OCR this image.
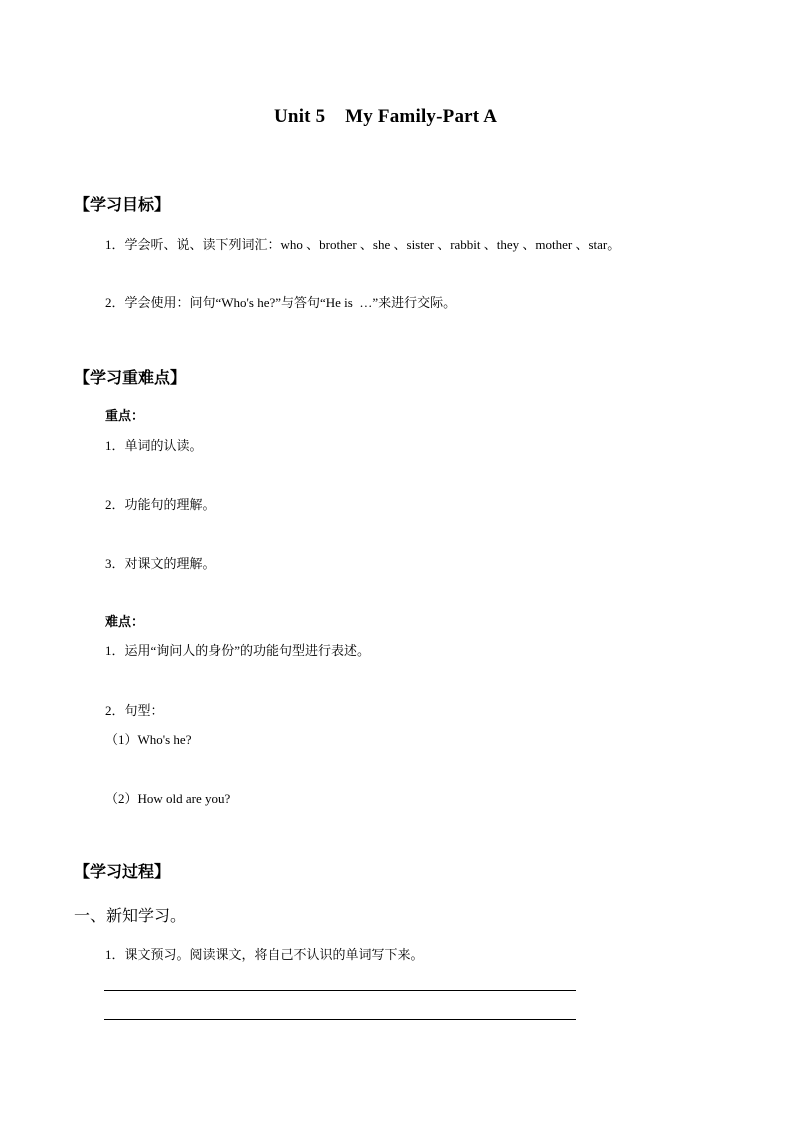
Unit 5    My Family-Part A
【学习目标】
1．学会听、说、读下列词汇：who 、brother 、she 、sister 、rabbit 、they 、mother 、star。
2．学会使用：问句“Who's he?”与答句“He is  …”来进行交际。
【学习重难点】
重点：
1．单词的认读。
2．功能句的理解。
3．对课文的理解。
难点：
1．运用“询问人的身份”的功能句型进行表述。
2．句型：
（1）Who's he?
（2）How old are you?
【学习过程】
一、新知学习。
1．课文预习。阅读课文，将自己不认识的单词写下来。
